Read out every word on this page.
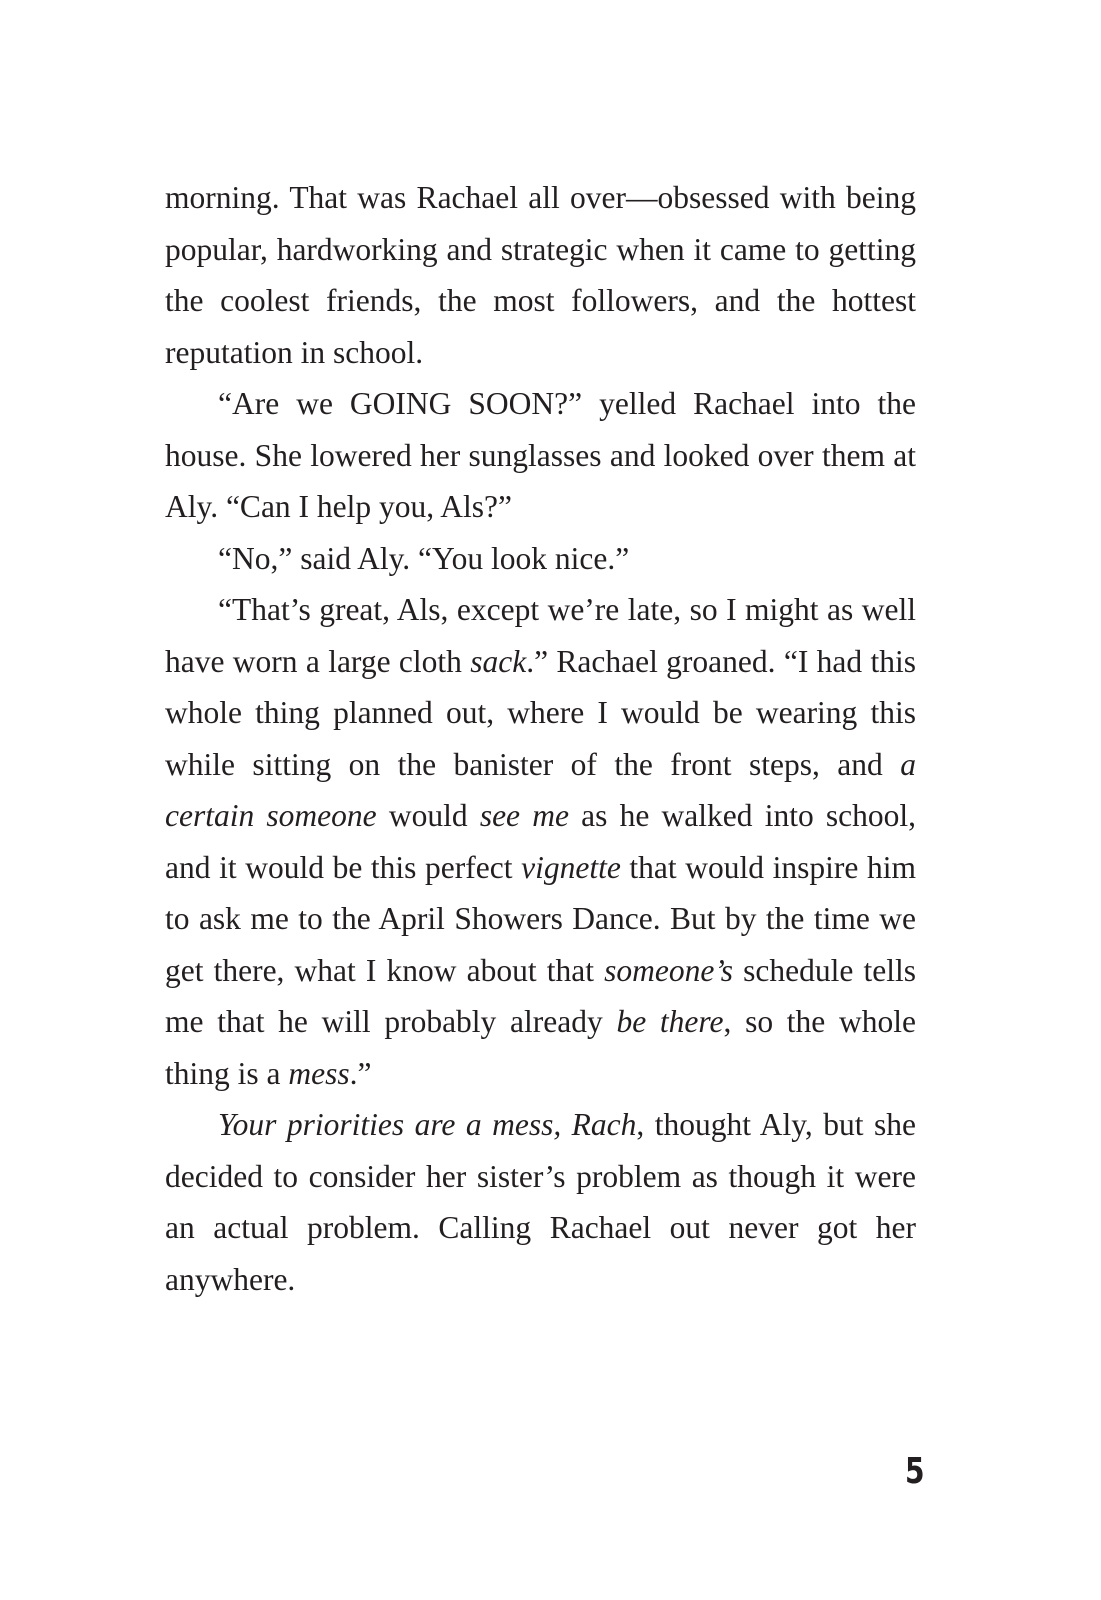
morning. That was Rachael all over—obsessed with being popular, hardworking and strategic when it came to getting the coolest friends, the most followers, and the hottest reputation in school.

“Are we GOING SOON?” yelled Rachael into the house. She lowered her sunglasses and looked over them at Aly. “Can I help you, Als?”

“No,” said Aly. “You look nice.”

“That’s great, Als, except we’re late, so I might as well have worn a large cloth sack.” Rachael groaned. “I had this whole thing planned out, where I would be wearing this while sitting on the banister of the front steps, and a certain someone would see me as he walked into school, and it would be this perfect vignette that would inspire him to ask me to the April Showers Dance. But by the time we get there, what I know about that someone’s schedule tells me that he will probably already be there, so the whole thing is a mess.”

Your priorities are a mess, Rach, thought Aly, but she decided to consider her sister’s problem as though it were an actual problem. Calling Rachael out never got her anywhere.

5
